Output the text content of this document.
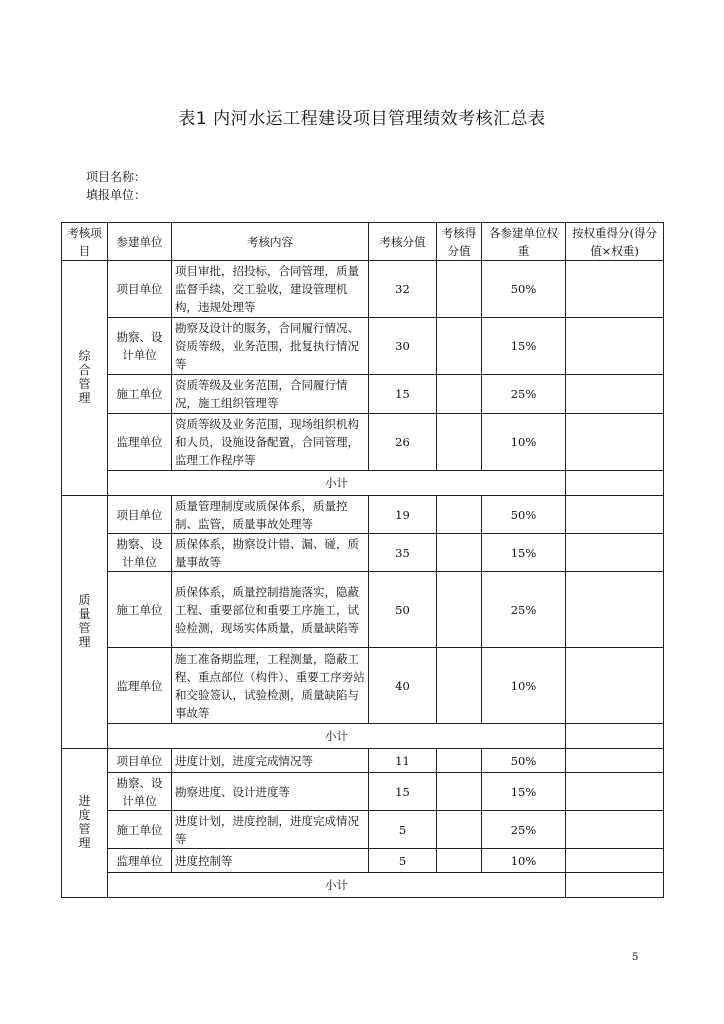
表1 内河水运工程建设项目管理绩效考核汇总表
项目名称：
填报单位：
考核项目	参建单位	考核内容	考核分值	考核得分值	各参建单位权重	按权重得分(得分值×权重)
综合管理	项目单位	项目审批，招投标，合同管理，质量监督手续，交工验收，建设管理机构，违规处理等	32		50%	
	勘察、设计单位	勘察及设计的服务，合同履行情况、资质等级，业务范围，批复执行情况等	30		15%	
	施工单位	资质等级及业务范围，合同履行情况，施工组织管理等	15		25%	
	监理单位	资质等级及业务范围，现场组织机构和人员，设施设备配置，合同管理，监理工作程序等	26		10%	
	小计					
质量管理	项目单位	质量管理制度或质保体系，质量控制、监管，质量事故处理等	19		50%	
	勘察、设计单位	质保体系，勘察设计错、漏、碰，质量事故等	35		15%	
	施工单位	质保体系，质量控制措施落实，隐蔽工程、重要部位和重要工序施工，试验检测，现场实体质量，质量缺陷等	50		25%	
	监理单位	施工准备期监理，工程测量，隐蔽工程、重点部位（构件）、重要工序旁站和交验签认，试验检测，质量缺陷与事故等	40		10%	
	小计					
进度管理	项目单位	进度计划，进度完成情况等	11		50%	
	勘察、设计单位	勘察进度、设计进度等	15		15%	
	施工单位	进度计划，进度控制，进度完成情况等	5		25%	
	监理单位	进度控制等	5		10%	
	小计					
5
